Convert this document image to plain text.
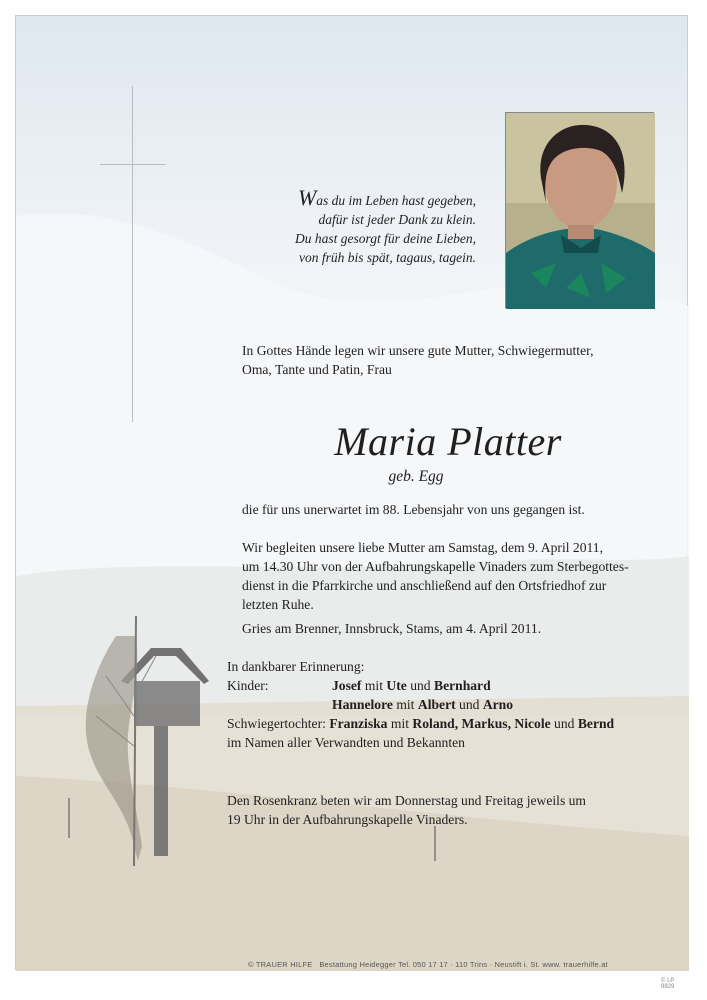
Was du im Leben hast gegeben,
dafür ist jeder Dank zu klein.
Du hast gesorgt für deine Lieben,
von früh bis spät, tagaus, tagein.
In Gottes Hände legen wir unsere gute Mutter, Schwiegermutter,
Oma, Tante und Patin, Frau
Maria Platter
geb. Egg
die für uns unerwartet im 88. Lebensjahr von uns gegangen ist.
Wir begleiten unsere liebe Mutter am Samstag, dem 9. April 2011,
um 14.30 Uhr von der Aufbahrungskapelle Vinaders zum Sterbegottes-
dienst in die Pfarrkirche und anschließend auf den Ortsfriedhof zur
letzten Ruhe.
Gries am Brenner, Innsbruck, Stams, am 4. April 2011.
In dankbarer Erinnerung:
Kinder:	Josef mit Ute und Bernhard
Hannelore mit Albert und Arno
Schwiegertochter: Franziska mit Roland, Markus, Nicole und Bernd
im Namen aller Verwandten und Bekannten
Den Rosenkranz beten wir am Donnerstag und Freitag jeweils um
19 Uhr in der Aufbahrungskapelle Vinaders.
© TRAUER HILFE Bestattung Heidegger Tel. 050 17 17 · 110 Trins · Neustift i. St. www. trauerhilfe.at
© LP 9829
